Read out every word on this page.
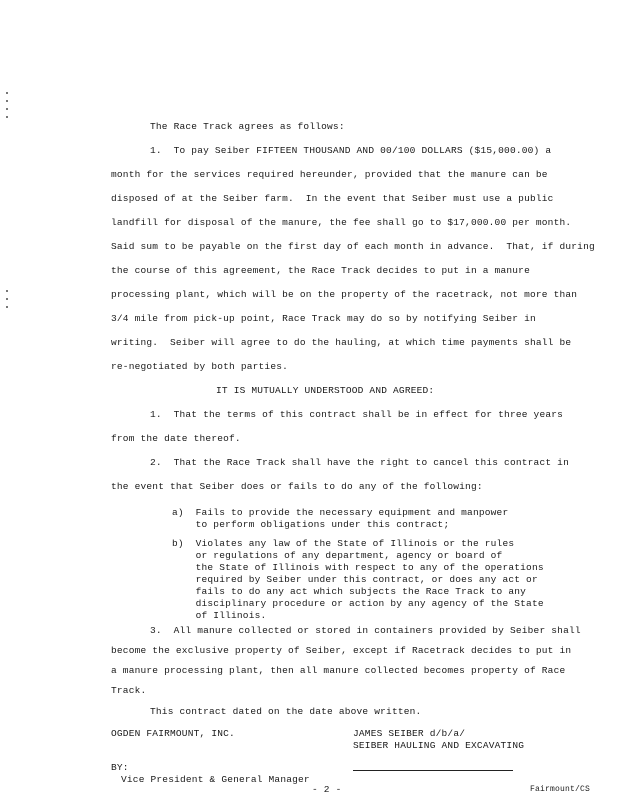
The Race Track agrees as follows:
1.  To pay Seiber FIFTEEN THOUSAND AND 00/100 DOLLARS ($15,000.00) a
month for the services required hereunder, provided that the manure can be
disposed of at the Seiber farm.  In the event that Seiber must use a public
landfill for disposal of the manure, the fee shall go to $17,000.00 per month.
Said sum to be payable on the first day of each month in advance.  That, if during
the course of this agreement, the Race Track decides to put in a manure
processing plant, which will be on the property of the racetrack, not more than
3/4 mile from pick-up point, Race Track may do so by notifying Seiber in
writing.  Seiber will agree to do the hauling, at which time payments shall be
re-negotiated by both parties.
IT IS MUTUALLY UNDERSTOOD AND AGREED:
1.  That the terms of this contract shall be in effect for three years
from the date thereof.
2.  That the Race Track shall have the right to cancel this contract in
the event that Seiber does or fails to do any of the following:
a)  Fails to provide the necessary equipment and manpower
to perform obligations under this contract;
b)  Violates any law of the State of Illinois or the rules
or regulations of any department, agency or board of
the State of Illinois with respect to any of the operations
required by Seiber under this contract, or does any act or
fails to do any act which subjects the Race Track to any
disciplinary procedure or action by any agency of the State
of Illinois.
3.  All manure collected or stored in containers provided by Seiber shall
become the exclusive property of Seiber, except if Racetrack decides to put in
a manure processing plant, then all manure collected becomes property of Race
Track.
This contract dated on the date above written.
OGDEN FAIRMOUNT, INC.	JAMES SEIBER d/b/a/
SEIBER HAULING AND EXCAVATING
BY:
Vice President & General Manager
- 2 -	Fairmount/CS
